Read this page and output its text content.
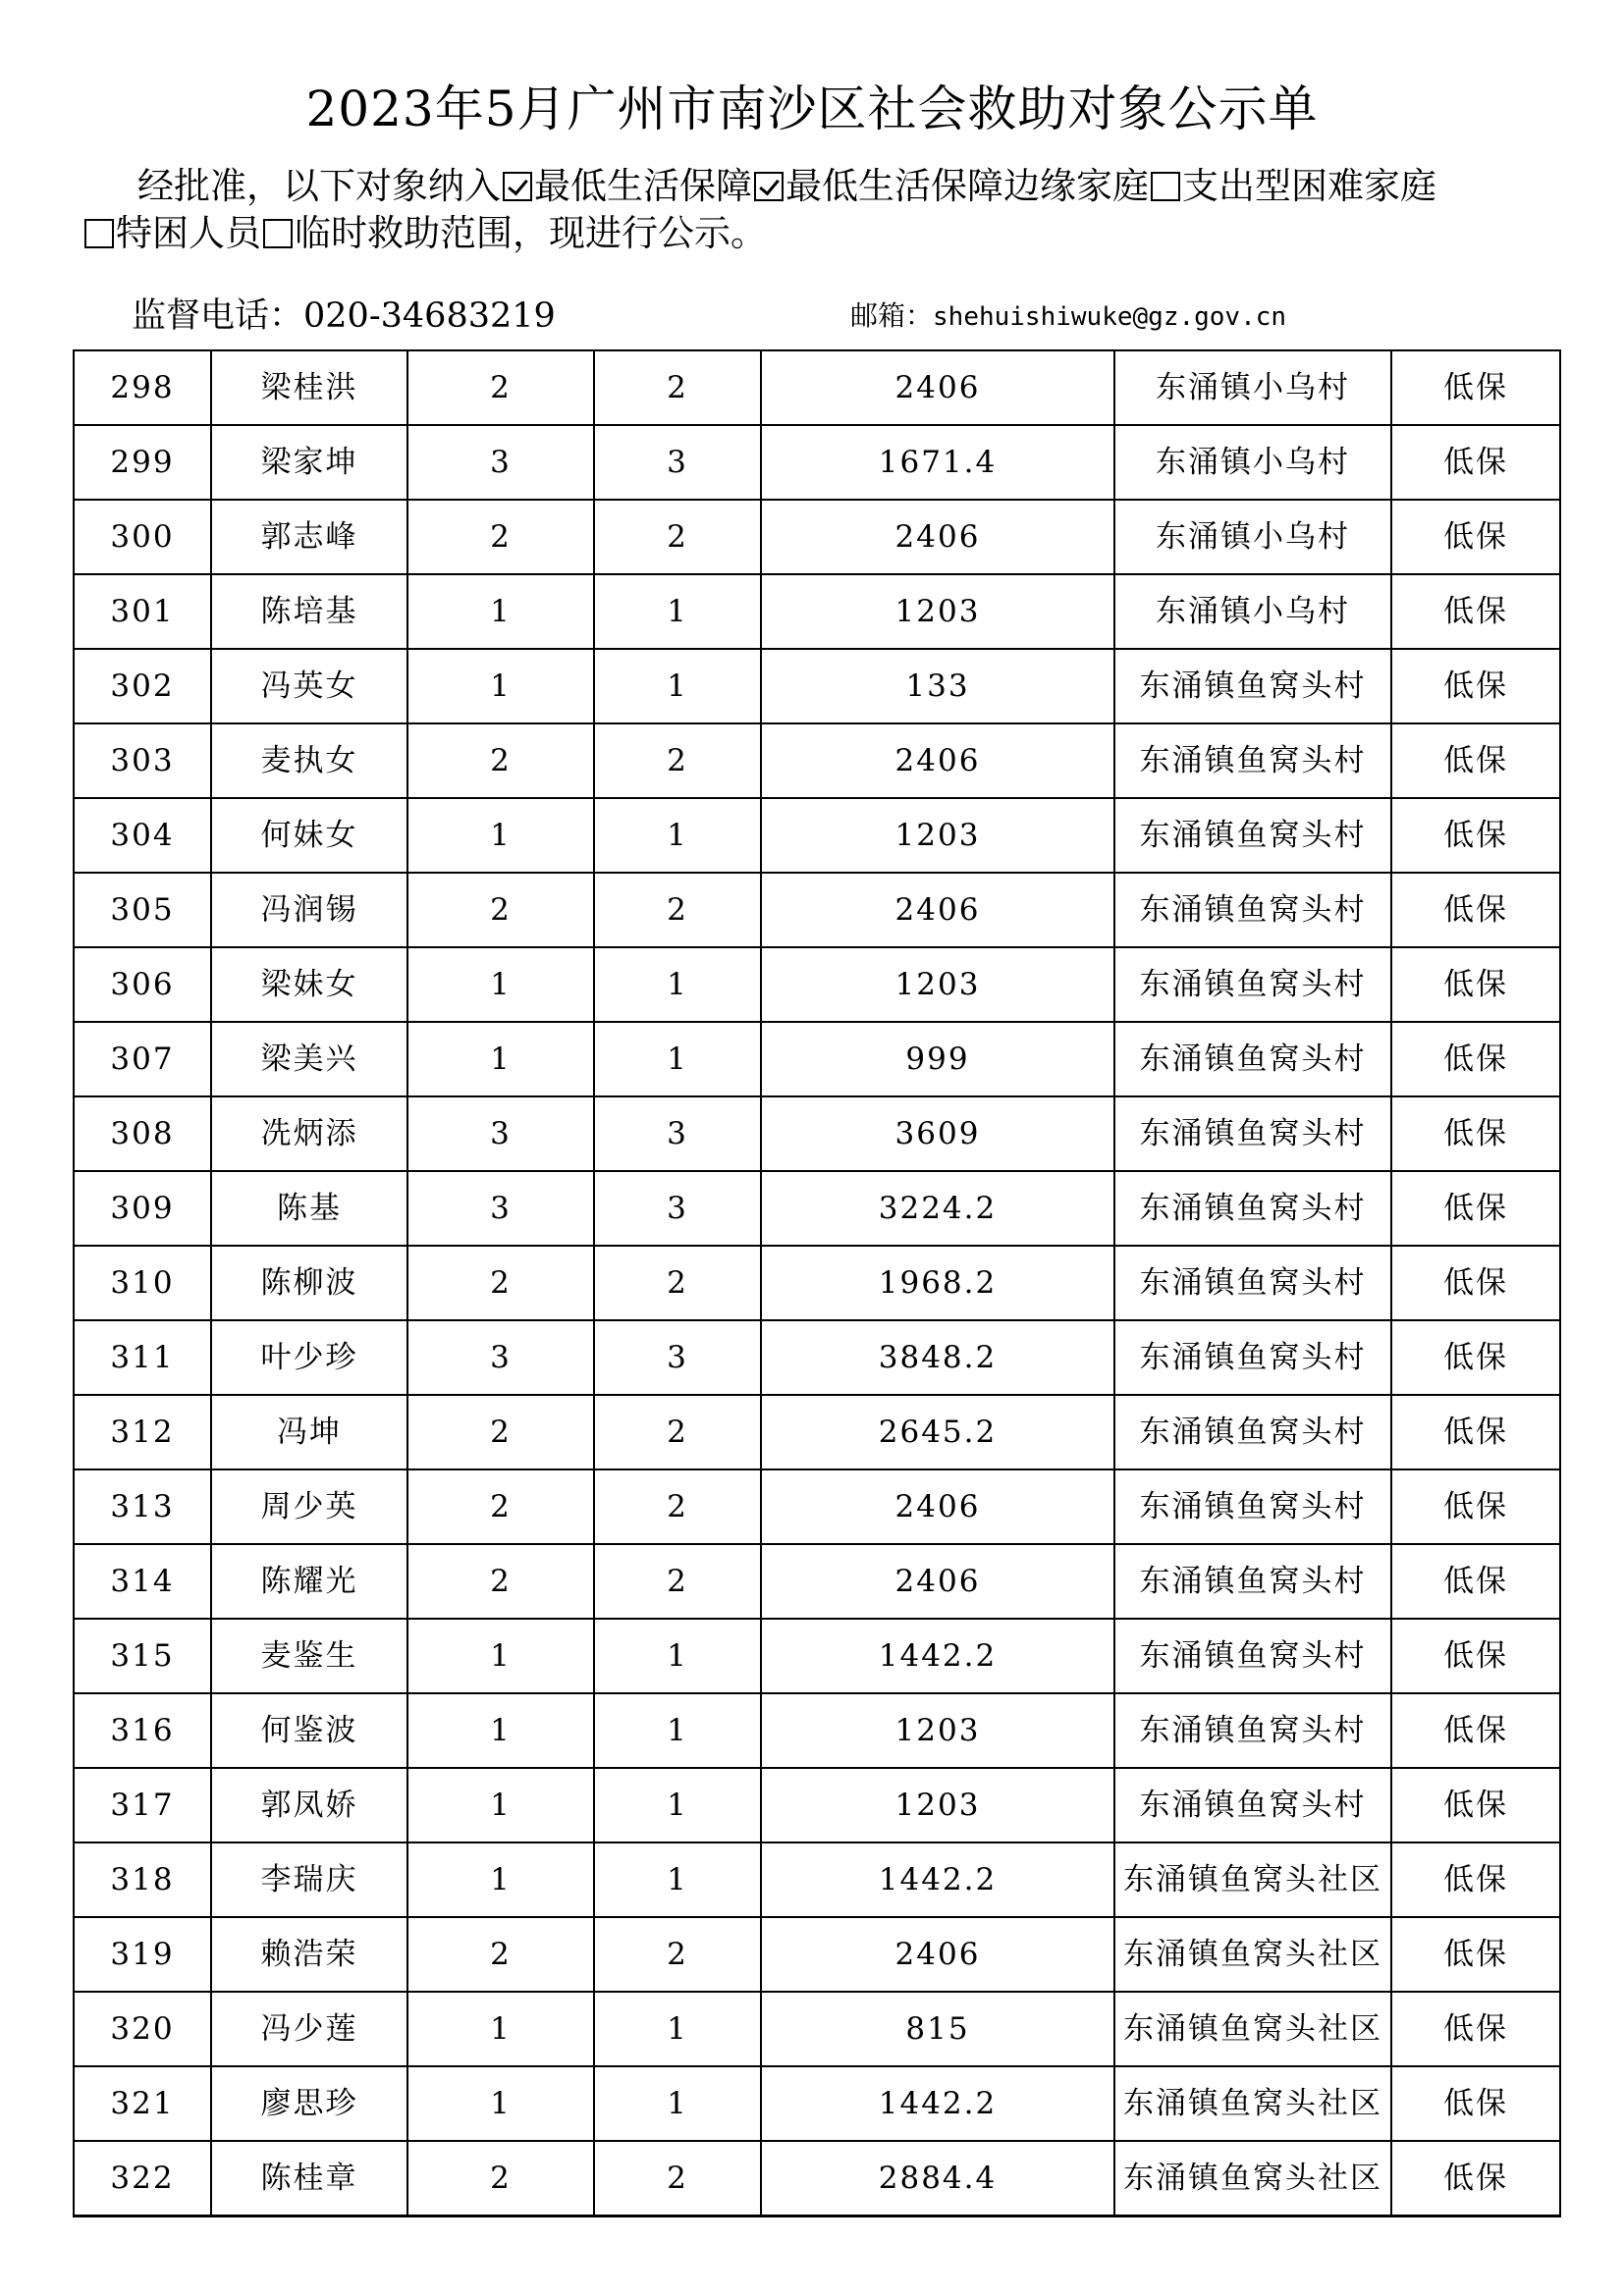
2023年5月广州市南沙区社会救助对象公示单
经批准，以下对象纳入 最低生活保障 最低生活保障边缘家庭 支出型困难家庭
特困人员 临时救助范围，现进行公示。
监督电话：020-34683219	邮箱：shehuishiwuke@gz.gov.cn
298	梁桂洪	2	2	2406	东涌镇小乌村	低保
299	梁家坤	3	3	1671.4	东涌镇小乌村	低保
300	郭志峰	2	2	2406	东涌镇小乌村	低保
301	陈培基	1	1	1203	东涌镇小乌村	低保
302	冯英女	1	1	133	东涌镇鱼窝头村	低保
303	麦执女	2	2	2406	东涌镇鱼窝头村	低保
304	何妹女	1	1	1203	东涌镇鱼窝头村	低保
305	冯润锡	2	2	2406	东涌镇鱼窝头村	低保
306	梁妹女	1	1	1203	东涌镇鱼窝头村	低保
307	梁美兴	1	1	999	东涌镇鱼窝头村	低保
308	冼炳添	3	3	3609	东涌镇鱼窝头村	低保
309	陈基	3	3	3224.2	东涌镇鱼窝头村	低保
310	陈柳波	2	2	1968.2	东涌镇鱼窝头村	低保
311	叶少珍	3	3	3848.2	东涌镇鱼窝头村	低保
312	冯坤	2	2	2645.2	东涌镇鱼窝头村	低保
313	周少英	2	2	2406	东涌镇鱼窝头村	低保
314	陈耀光	2	2	2406	东涌镇鱼窝头村	低保
315	麦鉴生	1	1	1442.2	东涌镇鱼窝头村	低保
316	何鉴波	1	1	1203	东涌镇鱼窝头村	低保
317	郭凤娇	1	1	1203	东涌镇鱼窝头村	低保
318	李瑞庆	1	1	1442.2	东涌镇鱼窝头社区	低保
319	赖浩荣	2	2	2406	东涌镇鱼窝头社区	低保
320	冯少莲	1	1	815	东涌镇鱼窝头社区	低保
321	廖思珍	1	1	1442.2	东涌镇鱼窝头社区	低保
322	陈桂章	2	2	2884.4	东涌镇鱼窝头社区	低保
